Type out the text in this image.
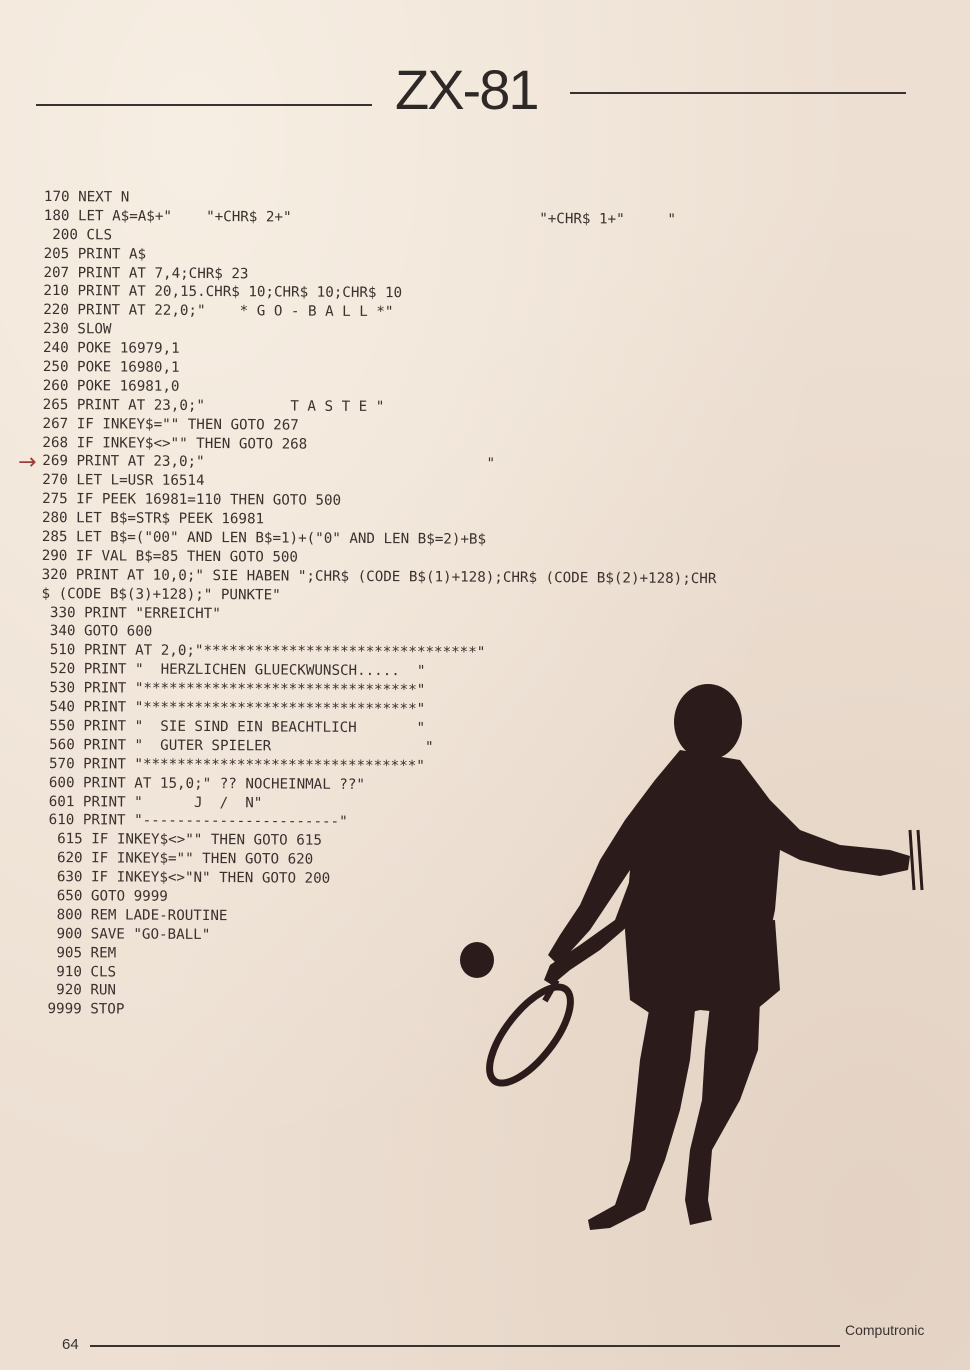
ZX-81
→
170 NEXT N
180 LET A$=A$+"    "+CHR$ 2+"                             "+CHR$ 1+"     "
200 CLS
205 PRINT A$
207 PRINT AT 7,4;CHR$ 23
210 PRINT AT 20,15.CHR$ 10;CHR$ 10;CHR$ 10
220 PRINT AT 22,0;"    * G O - B A L L *"
230 SLOW
240 POKE 16979,1
250 POKE 16980,1
260 POKE 16981,0
265 PRINT AT 23,0;"          T A S T E "
267 IF INKEY$="" THEN GOTO 267
268 IF INKEY$<>"" THEN GOTO 268
269 PRINT AT 23,0;"                                 "
270 LET L=USR 16514
275 IF PEEK 16981=110 THEN GOTO 500
280 LET B$=STR$ PEEK 16981
285 LET B$=("00" AND LEN B$=1)+("0" AND LEN B$=2)+B$
290 IF VAL B$=85 THEN GOTO 500
320 PRINT AT 10,0;" SIE HABEN ";CHR$ (CODE B$(1)+128);CHR$ (CODE B$(2)+128);CHR
$ (CODE B$(3)+128);" PUNKTE"
330 PRINT "ERREICHT"
340 GOTO 600
510 PRINT AT 2,0;"********************************"
520 PRINT "  HERZLICHEN GLUECKWUNSCH.....  "
530 PRINT "********************************"
540 PRINT "********************************"
550 PRINT "  SIE SIND EIN BEACHTLICH       "
560 PRINT "  GUTER SPIELER                  "
570 PRINT "********************************"
600 PRINT AT 15,0;" ?? NOCHEINMAL ??"
601 PRINT "      J  /  N"
610 PRINT "-----------------------"
615 IF INKEY$<>"" THEN GOTO 615
620 IF INKEY$="" THEN GOTO 620
630 IF INKEY$<>"N" THEN GOTO 200
650 GOTO 9999
800 REM LADE-ROUTINE
900 SAVE "GO-BALL"
905 REM
910 CLS
920 RUN
9999 STOP
64
Computronic
